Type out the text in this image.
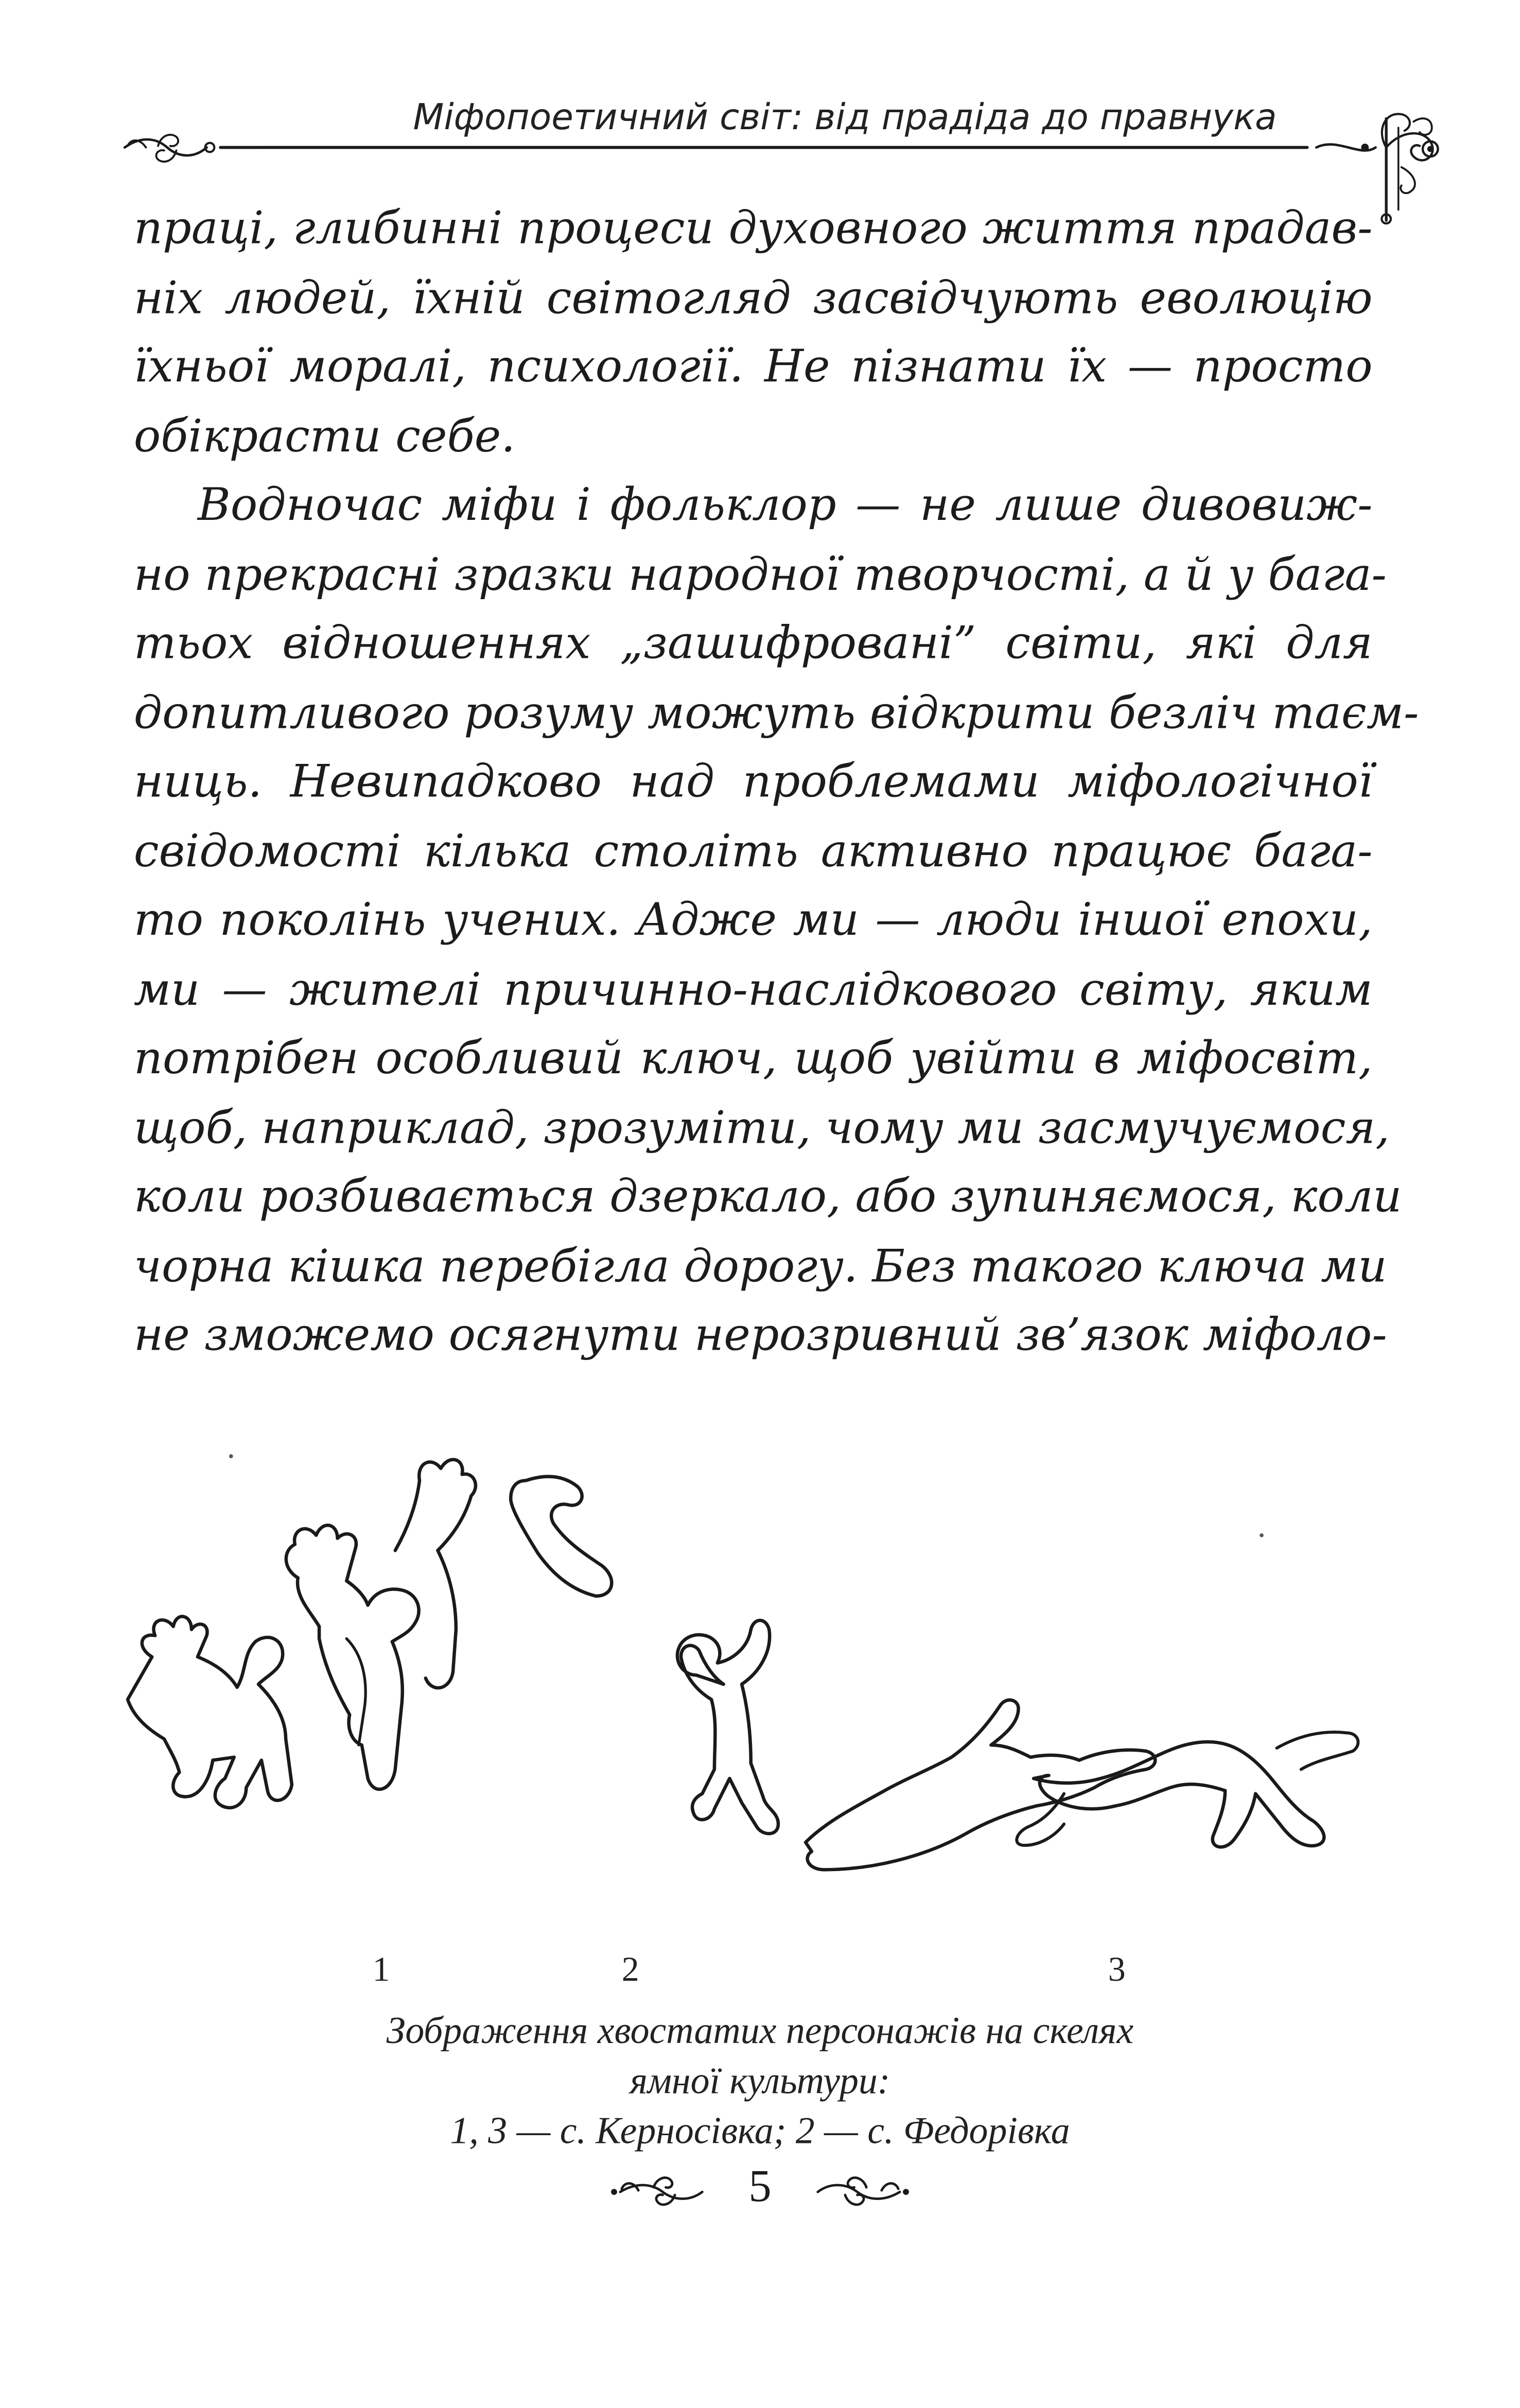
Міфопоетичний світ: від прадіда до правнука
праці, глибинні процеси духовного життя прадав-
ніх людей, їхній світогляд засвідчують еволюцію
їхньої моралі, психології. Не пізнати їх — просто
обікрасти себе.
Водночас міфи і фольклор — не лише дивовиж-
но прекрасні зразки народної творчості, а й у бага-
тьох відношеннях „зашифровані” світи, які для
допитливого розуму можуть відкрити безліч таєм-
ниць. Невипадково над проблемами міфологічної
свідомості кілька століть активно працює бага-
то поколінь учених. Адже ми — люди іншої епохи,
ми — жителі причинно-наслідкового світу, яким
потрібен особливий ключ, щоб увійти в міфосвіт,
щоб, наприклад, зрозуміти, чому ми засмучуємося,
коли розбивається дзеркало, або зупиняємося, коли
чорна кішка перебігла дорогу. Без такого ключа ми
не зможемо осягнути нерозривний зв’язок міфоло-
1	2	3
Зображення хвостатих персонажів на скелях
ямної культури:
1, 3 — с. Керносівка; 2 — с. Федорівка
5
